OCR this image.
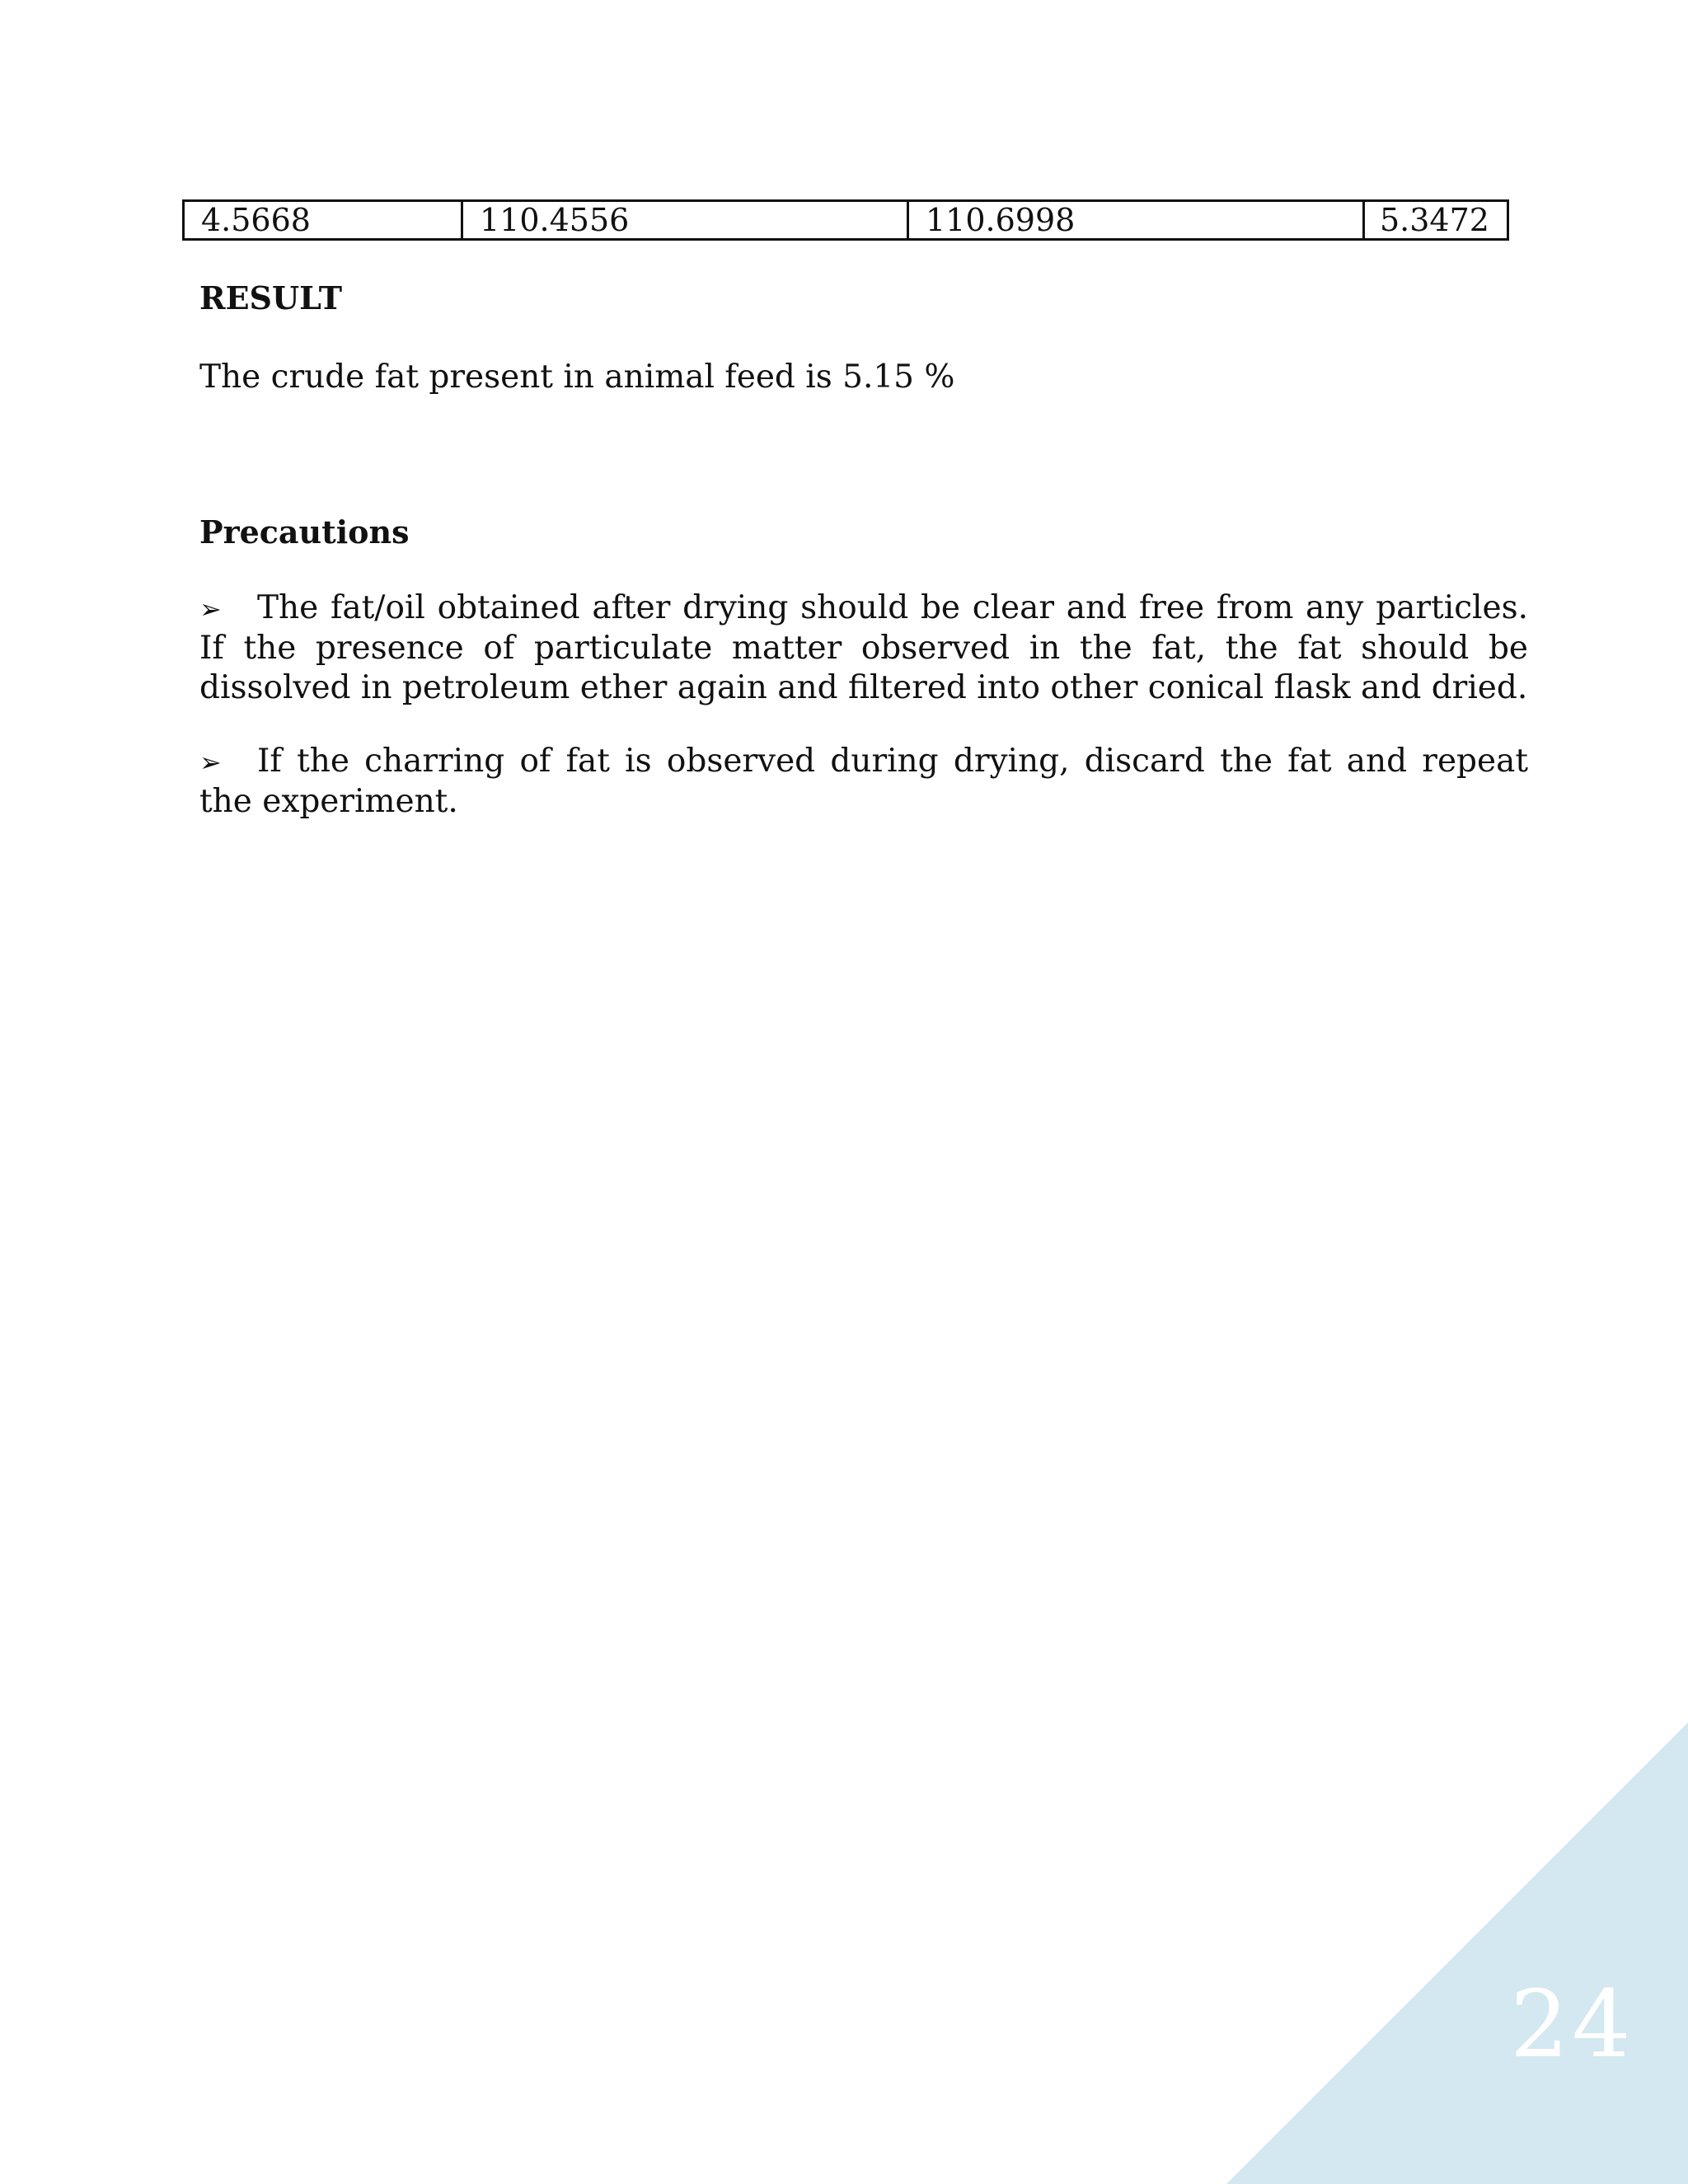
4.5668	110.4556	110.6998	5.3472
RESULT

The crude fat present in animal feed is 5.15 %

Precautions

➢ The fat/oil obtained after drying should be clear and free from any particles. If the presence of particulate matter observed in the fat, the fat should be dissolved in petroleum ether again and filtered into other conical flask and dried.

➢ If the charring of fat is observed during drying, discard the fat and repeat the experiment.

24
